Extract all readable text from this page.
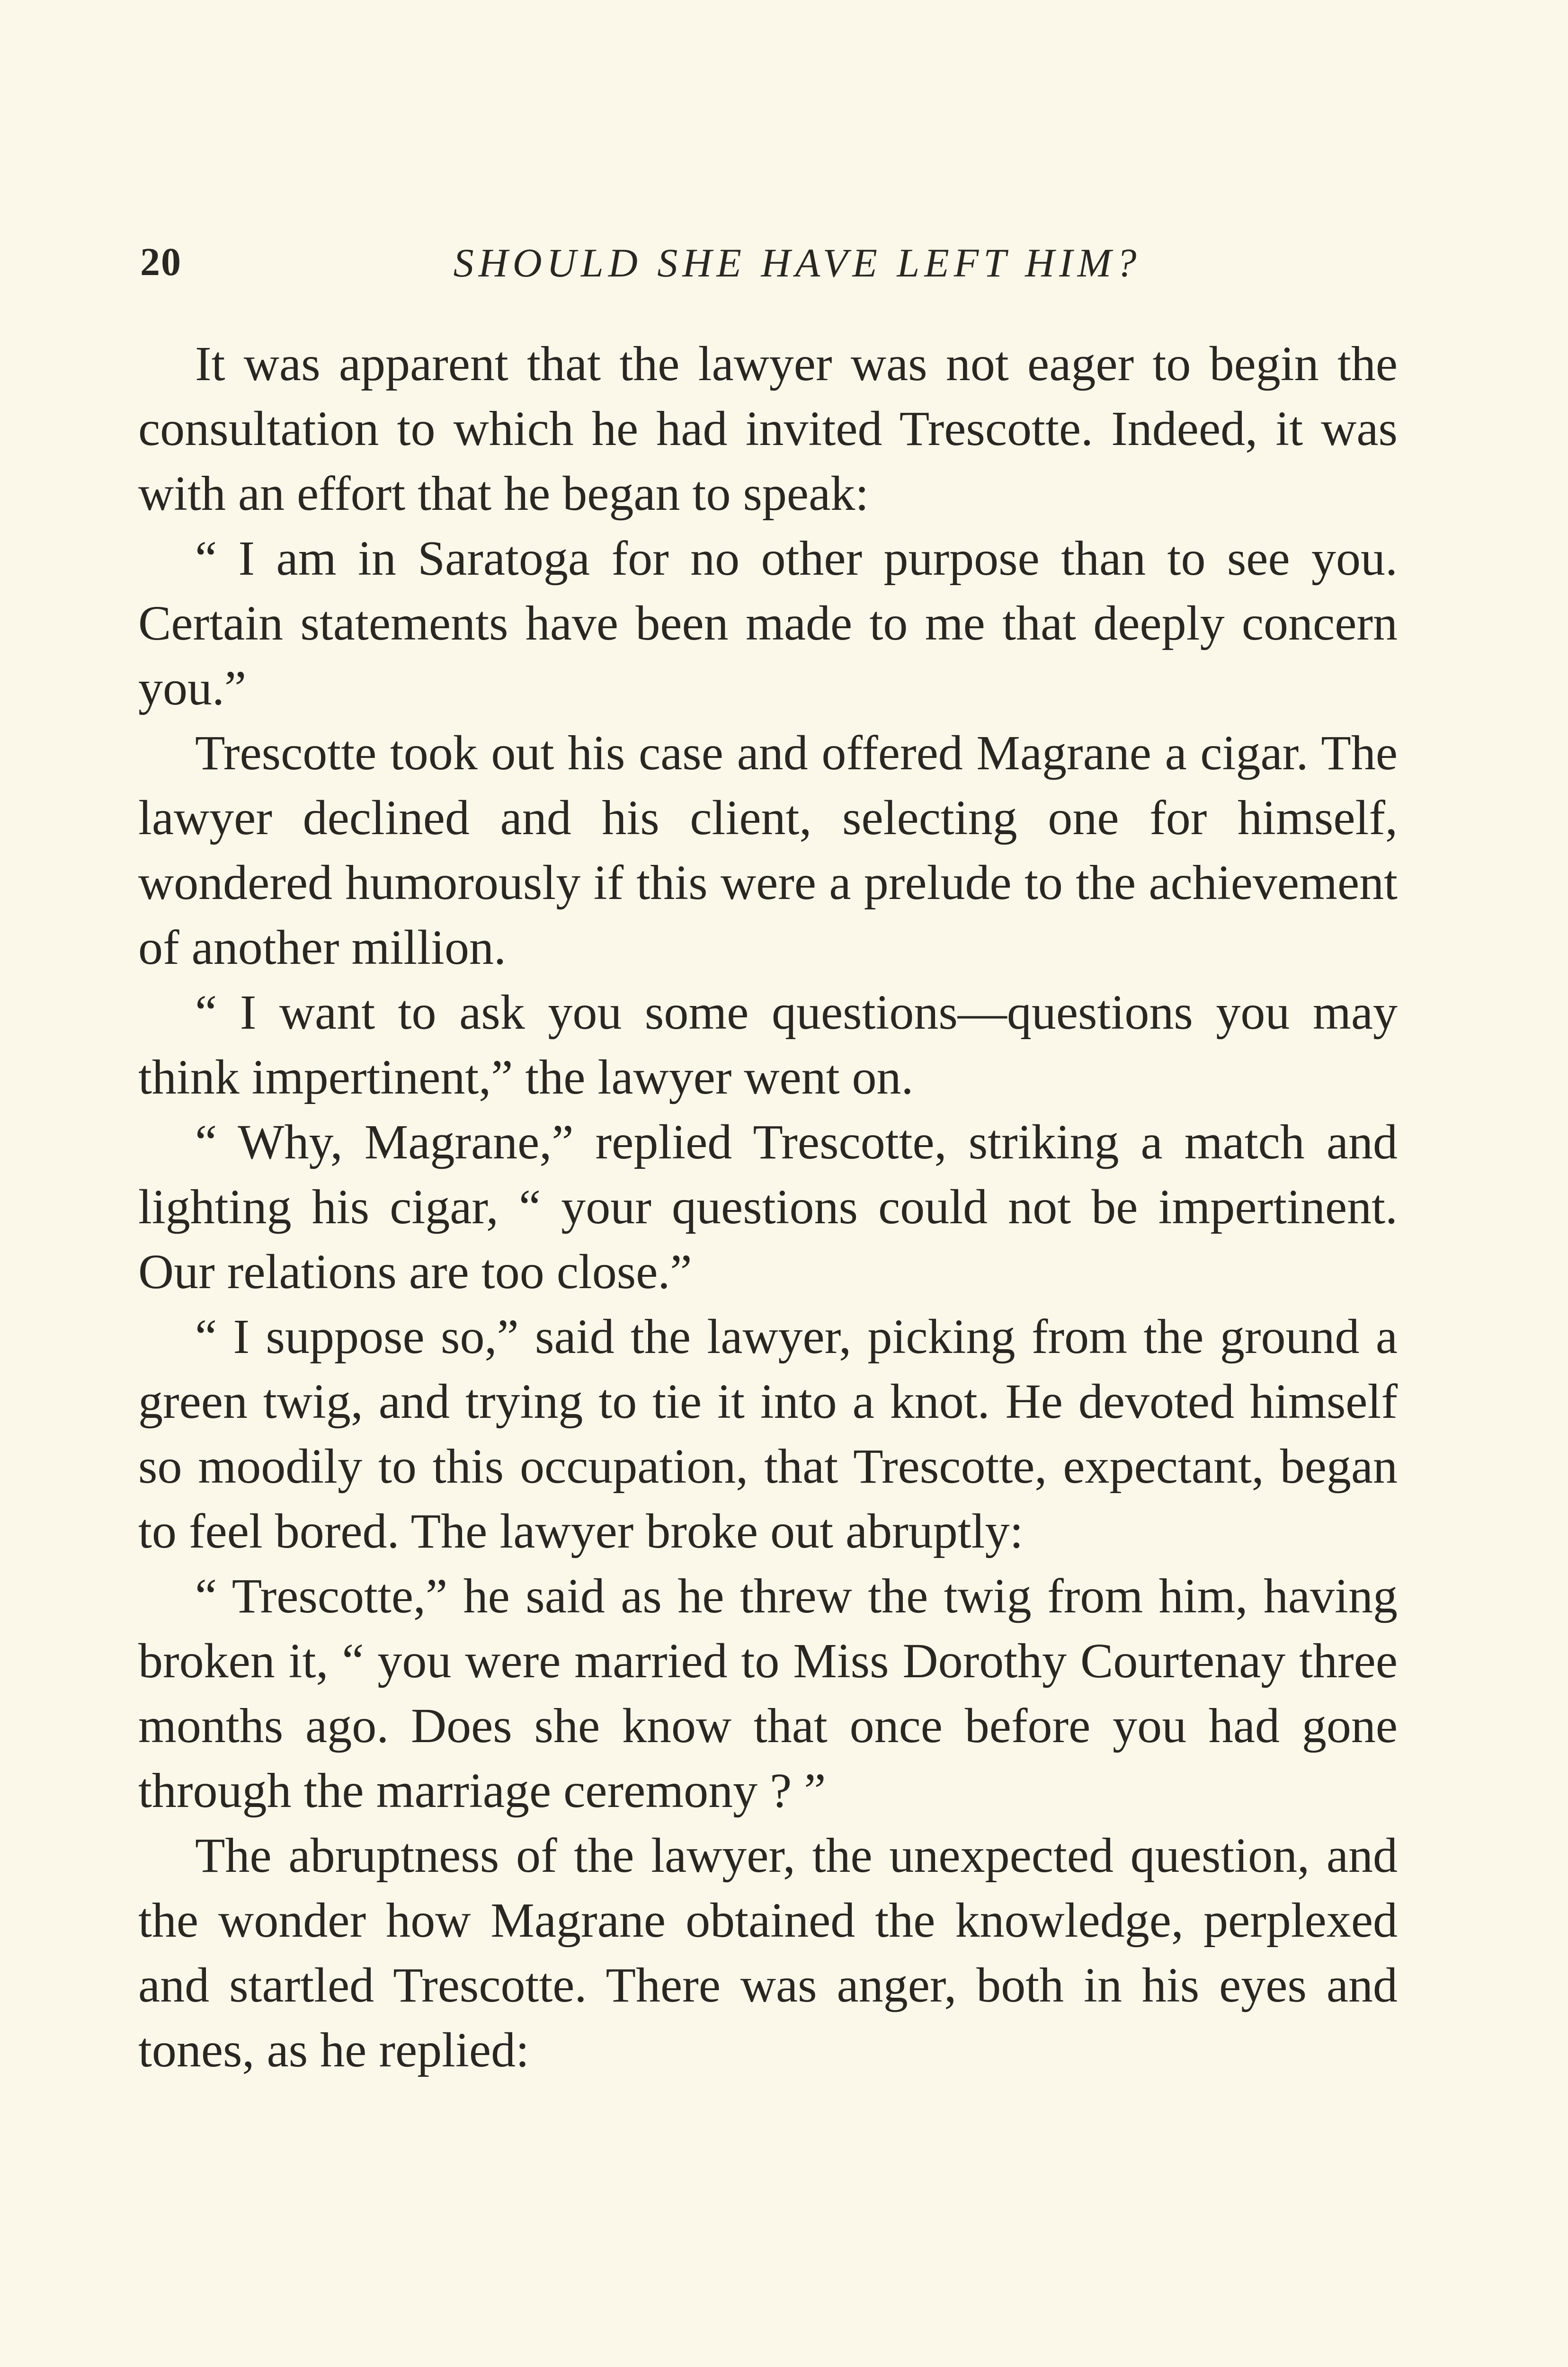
20	SHOULD SHE HAVE LEFT HIM?

It was apparent that the lawyer was not eager to begin the consultation to which he had invited Trescotte. Indeed, it was with an effort that he began to speak:

“ I am in Saratoga for no other purpose than to see you. Certain statements have been made to me that deeply concern you.”

Trescotte took out his case and offered Magrane a cigar. The lawyer declined and his client, selecting one for himself, wondered humorously if this were a prelude to the achievement of another million.

“ I want to ask you some questions—questions you may think impertinent,” the lawyer went on.

“ Why, Magrane,” replied Trescotte, striking a match and lighting his cigar, “ your questions could not be impertinent. Our relations are too close.”

“ I suppose so,” said the lawyer, picking from the ground a green twig, and trying to tie it into a knot. He devoted himself so moodily to this occupation, that Trescotte, expectant, began to feel bored. The lawyer broke out abruptly:

“ Trescotte,” he said as he threw the twig from him, having broken it, “ you were married to Miss Dorothy Courtenay three months ago. Does she know that once before you had gone through the marriage ceremony ? ”

The abruptness of the lawyer, the unexpected question, and the wonder how Magrane obtained the knowledge, perplexed and startled Trescotte. There was anger, both in his eyes and tones, as he replied:
